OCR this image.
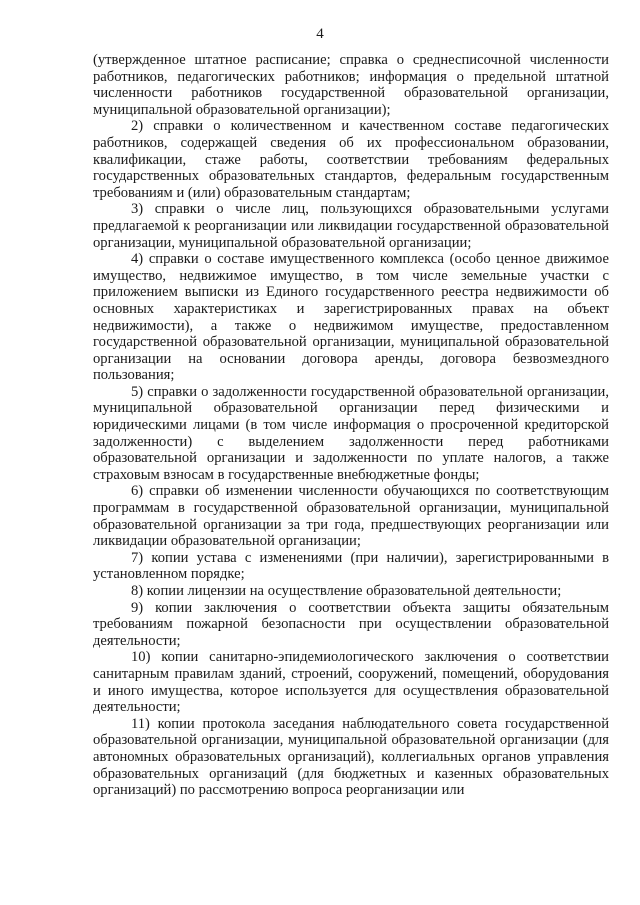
4

(утвержденное штатное расписание; справка о среднесписочной численности работников, педагогических работников; информация о предельной штатной численности работников государственной образовательной организации, муниципальной образовательной организации);

2) справки о количественном и качественном составе педагогических работников, содержащей сведения об их профессиональном образовании, квалификации, стаже работы, соответствии требованиям федеральных государственных образовательных стандартов, федеральным государственным требованиям и (или) образовательным стандартам;

3) справки о числе лиц, пользующихся образовательными услугами предлагаемой к реорганизации или ликвидации государственной образовательной организации, муниципальной образовательной организации;

4) справки о составе имущественного комплекса (особо ценное движимое имущество, недвижимое имущество, в том числе земельные участки с приложением выписки из Единого государственного реестра недвижимости об основных характеристиках и зарегистрированных правах на объект недвижимости), а также о недвижимом имуществе, предоставленном государственной образовательной организации, муниципальной образовательной организации на основании договора аренды, договора безвозмездного пользования;

5) справки о задолженности государственной образовательной организации, муниципальной образовательной организации перед физическими и юридическими лицами (в том числе информация о просроченной кредиторской задолженности) с выделением задолженности перед работниками образовательной организации и задолженности по уплате налогов, а также страховым взносам в государственные внебюджетные фонды;

6) справки об изменении численности обучающихся по соответствующим программам в государственной образовательной организации, муниципальной образовательной организации за три года, предшествующих реорганизации или ликвидации образовательной организации;

7) копии устава с изменениями (при наличии), зарегистрированными в установленном порядке;

8) копии лицензии на осуществление образовательной деятельности;

9) копии заключения о соответствии объекта защиты обязательным требованиям пожарной безопасности при осуществлении образовательной деятельности;

10) копии санитарно-эпидемиологического заключения о соответствии санитарным правилам зданий, строений, сооружений, помещений, оборудования и иного имущества, которое используется для осуществления образовательной деятельности;

11) копии протокола заседания наблюдательного совета государственной образовательной организации, муниципальной образовательной организации (для автономных образовательных организаций), коллегиальных органов управления образовательных организаций (для бюджетных и казенных образовательных организаций) по рассмотрению вопроса реорганизации или
